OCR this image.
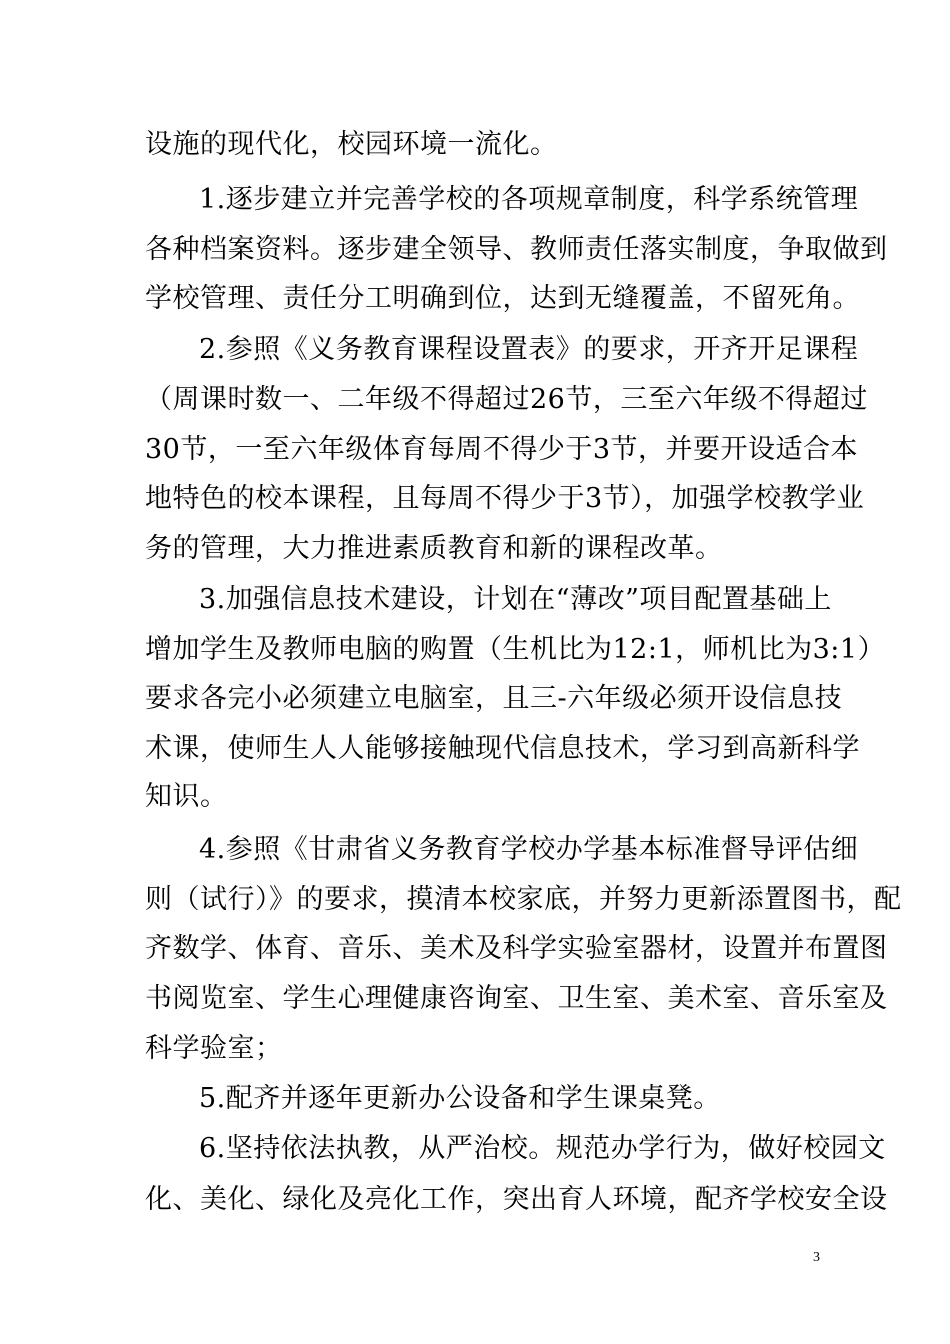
设施的现代化，校园环境一流化。
1.逐步建立并完善学校的各项规章制度，科学系统管理
各种档案资料。逐步建全领导、教师责任落实制度，争取做到
学校管理、责任分工明确到位，达到无缝覆盖，不留死角。
2.参照《义务教育课程设置表》的要求，开齐开足课程
（周课时数一、二年级不得超过26节，三至六年级不得超过
30节，一至六年级体育每周不得少于3节，并要开设适合本
地特色的校本课程，且每周不得少于3节），加强学校教学业
务的管理，大力推进素质教育和新的课程改革。
3.加强信息技术建设，计划在“薄改”项目配置基础上
增加学生及教师电脑的购置（生机比为12:1，师机比为3:1）
要求各完小必须建立电脑室，且三-六年级必须开设信息技
术课，使师生人人能够接触现代信息技术，学习到高新科学
知识。
4.参照《甘肃省义务教育学校办学基本标准督导评估细
则（试行）》的要求，摸清本校家底，并努力更新添置图书，配
齐数学、体育、音乐、美术及科学实验室器材，设置并布置图
书阅览室、学生心理健康咨询室、卫生室、美术室、音乐室及
科学验室；
5.配齐并逐年更新办公设备和学生课桌凳。
6.坚持依法执教，从严治校。规范办学行为，做好校园文
化、美化、绿化及亮化工作，突出育人环境，配齐学校安全设
3
